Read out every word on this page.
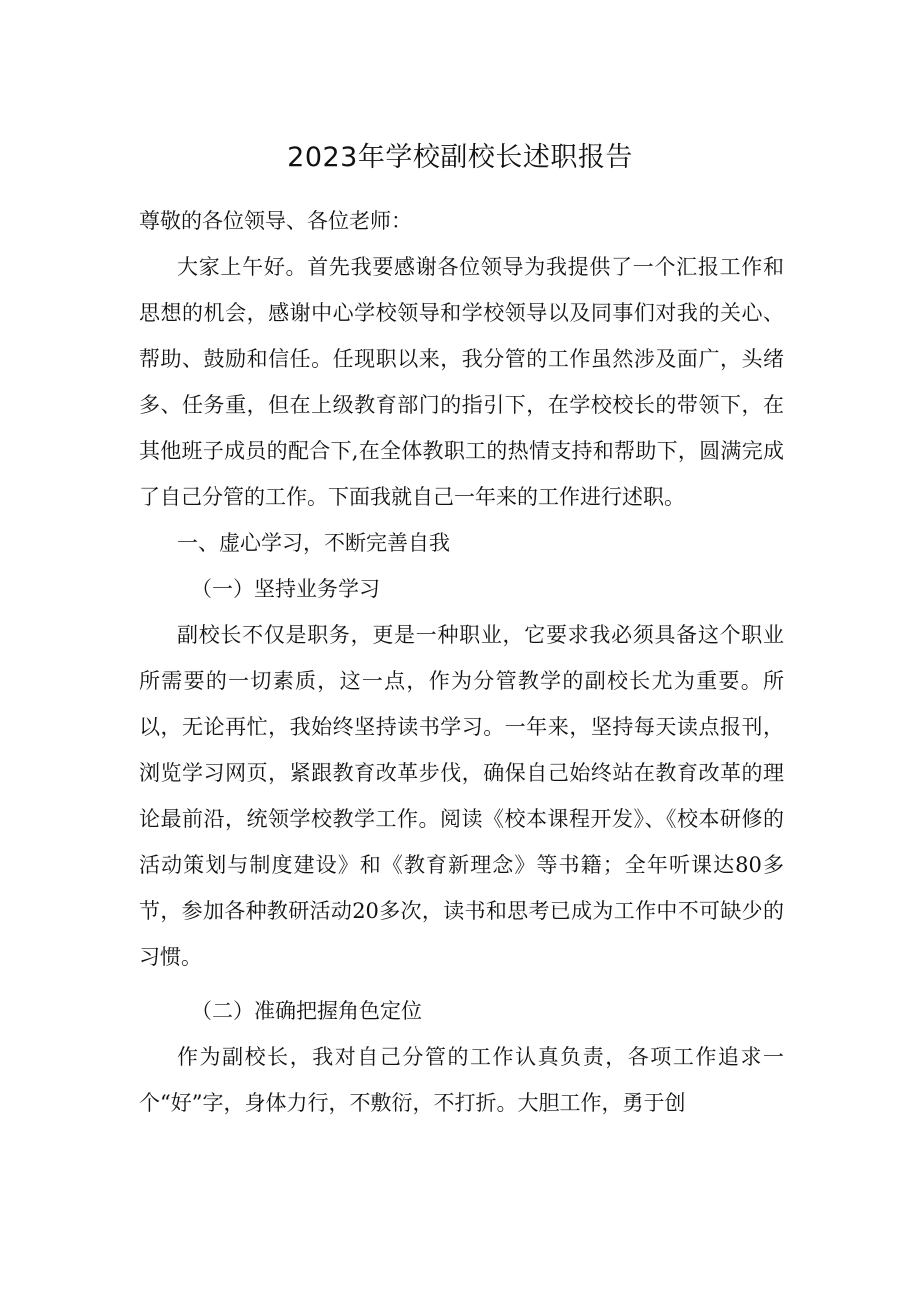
2023年学校副校长述职报告

尊敬的各位领导、各位老师：

大家上午好。首先我要感谢各位领导为我提供了一个汇报工作和思想的机会，感谢中心学校领导和学校领导以及同事们对我的关心、帮助、鼓励和信任。任现职以来，我分管的工作虽然涉及面广，头绪多、任务重，但在上级教育部门的指引下，在学校校长的带领下，在其他班子成员的配合下,在全体教职工的热情支持和帮助下，圆满完成了自己分管的工作。下面我就自己一年来的工作进行述职。

一、虚心学习，不断完善自我

（一）坚持业务学习

副校长不仅是职务，更是一种职业，它要求我必须具备这个职业所需要的一切素质，这一点，作为分管教学的副校长尤为重要。所以，无论再忙，我始终坚持读书学习。一年来，坚持每天读点报刊，浏览学习网页，紧跟教育改革步伐，确保自己始终站在教育改革的理论最前沿，统领学校教学工作。阅读《校本课程开发》、《校本研修的活动策划与制度建设》和《教育新理念》等书籍；全年听课达80多节，参加各种教研活动20多次，读书和思考已成为工作中不可缺少的习惯。

（二）准确把握角色定位

作为副校长，我对自己分管的工作认真负责，各项工作追求一个“好”字，身体力行，不敷衍，不打折。大胆工作，勇于创
